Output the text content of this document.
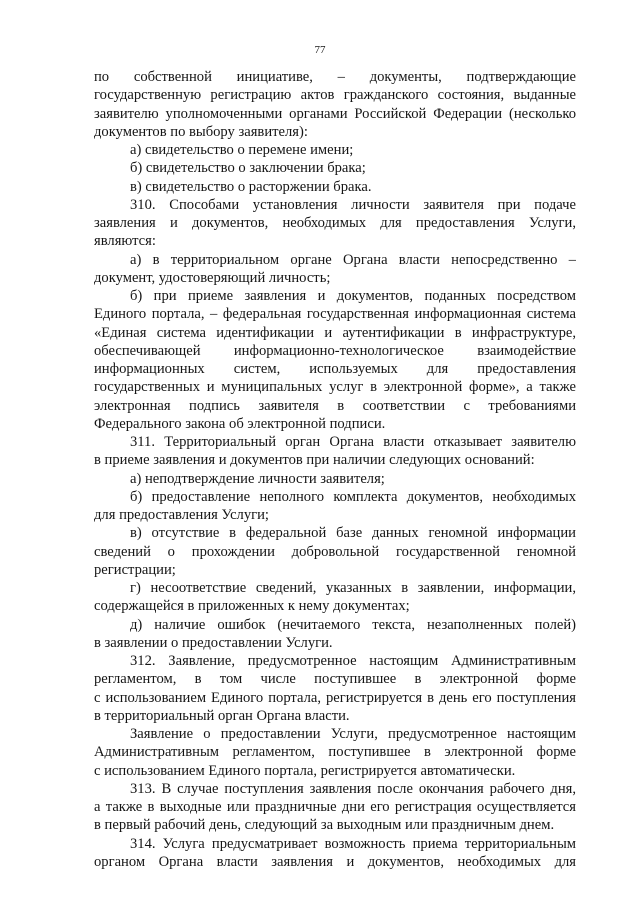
77
по собственной инициативе, – документы, подтверждающие
государственную регистрацию актов гражданского состояния, выданные
заявителю уполномоченными органами Российской Федерации (несколько
документов по выбору заявителя):
а) свидетельство о перемене имени;
б) свидетельство о заключении брака;
в) свидетельство о расторжении брака.
310. Способами установления личности заявителя при подаче
заявления и документов, необходимых для предоставления Услуги,
являются:
а) в территориальном органе Органа власти непосредственно –
документ, удостоверяющий личность;
б) при приеме заявления и документов, поданных посредством
Единого портала, – федеральная государственная информационная система
«Единая система идентификации и аутентификации в инфраструктуре,
обеспечивающей информационно-технологическое взаимодействие
информационных систем, используемых для предоставления
государственных и муниципальных услуг в электронной форме», а также
электронная подпись заявителя в соответствии с требованиями
Федерального закона об электронной подписи.
311. Территориальный орган Органа власти отказывает заявителю
в приеме заявления и документов при наличии следующих оснований:
а) неподтверждение личности заявителя;
б) предоставление неполного комплекта документов, необходимых
для предоставления Услуги;
в) отсутствие в федеральной базе данных геномной информации
сведений о прохождении добровольной государственной геномной
регистрации;
г) несоответствие сведений, указанных в заявлении, информации,
содержащейся в приложенных к нему документах;
д) наличие ошибок (нечитаемого текста, незаполненных полей)
в заявлении о предоставлении Услуги.
312. Заявление, предусмотренное настоящим Административным
регламентом, в том числе поступившее в электронной форме
с использованием Единого портала, регистрируется в день его поступления
в территориальный орган Органа власти.
Заявление о предоставлении Услуги, предусмотренное настоящим
Административным регламентом, поступившее в электронной форме
с использованием Единого портала, регистрируется автоматически.
313. В случае поступления заявления после окончания рабочего дня,
а также в выходные или праздничные дни его регистрация осуществляется
в первый рабочий день, следующий за выходным или праздничным днем.
314. Услуга предусматривает возможность приема территориальным
органом Органа власти заявления и документов, необходимых для
